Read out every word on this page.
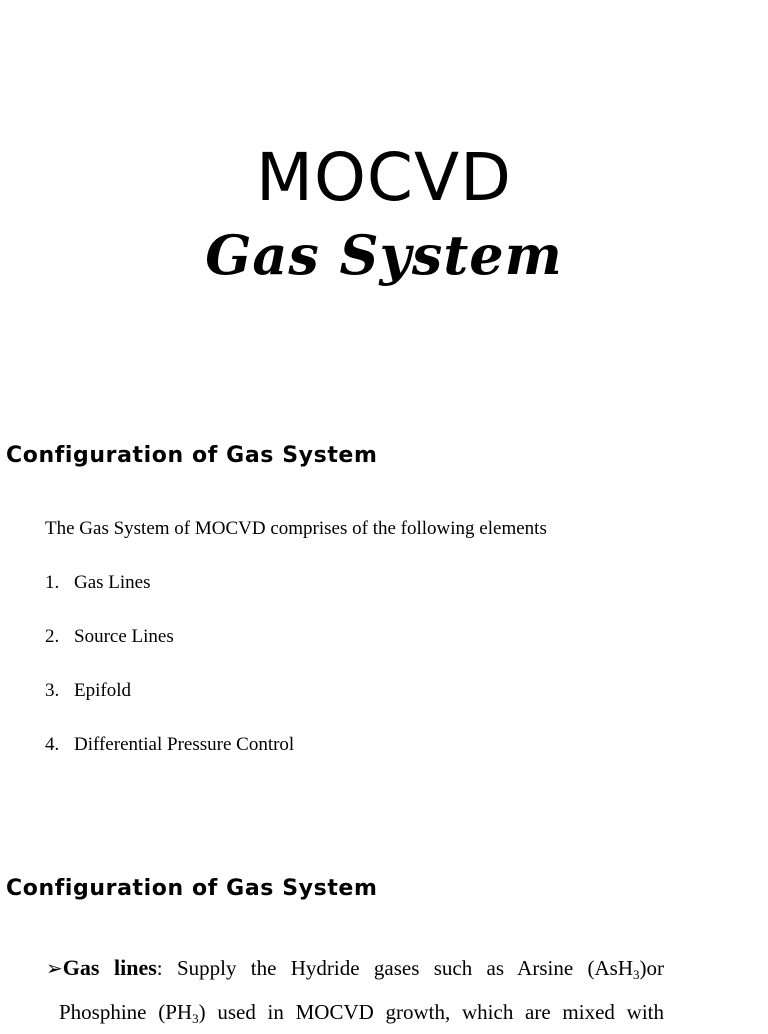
MOCVD
Gas System
Configuration of Gas System

The Gas System of MOCVD comprises of the following elements

1. Gas Lines
2. Source Lines
3. Epifold
4. Differential Pressure Control
Configuration of Gas System

➢Gas lines: Supply the Hydride gases such as Arsine (AsH$_3$)or
Phosphine $(PH_3)$ used in MOCVD growth, which are mixed with
